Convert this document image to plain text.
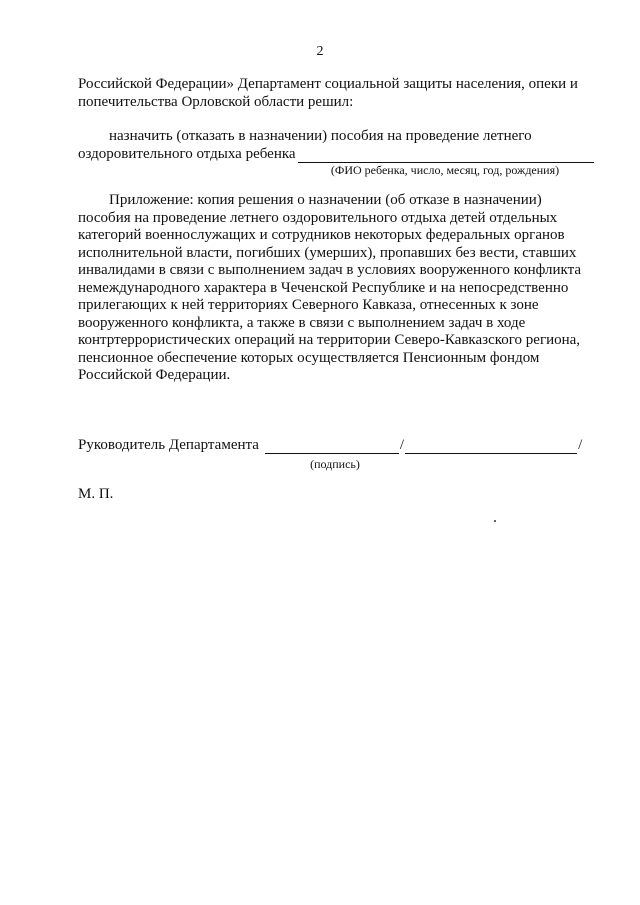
2

Российской Федерации» Департамент социальной защиты населения, опеки и

попечительства Орловской области решил:

назначить (отказать в назначении) пособия на проведение летнего

оздоровительного отдыха ребенка
(ФИО ребенка, число, месяц, год, рождения)

Приложение: копия решения о назначении (об отказе в назначении)

пособия на проведение летнего оздоровительного отдыха детей отдельных

категорий военнослужащих и сотрудников некоторых федеральных органов

исполнительной власти, погибших (умерших), пропавших без вести, ставших

инвалидами в связи с выполнением задач в условиях вооруженного конфликта

немеждународного характера в Чеченской Республике и на непосредственно

прилегающих к ней территориях Северного Кавказа, отнесенных к зоне

вооруженного конфликта, а также в связи с выполнением задач в ходе

контртеррористических операций на территории Северо-Кавказского региона,

пенсионное обеспечение которых осуществляется Пенсионным фондом

Российской Федерации.

Руководитель Департамента	/	/
(подпись)
М. П.
